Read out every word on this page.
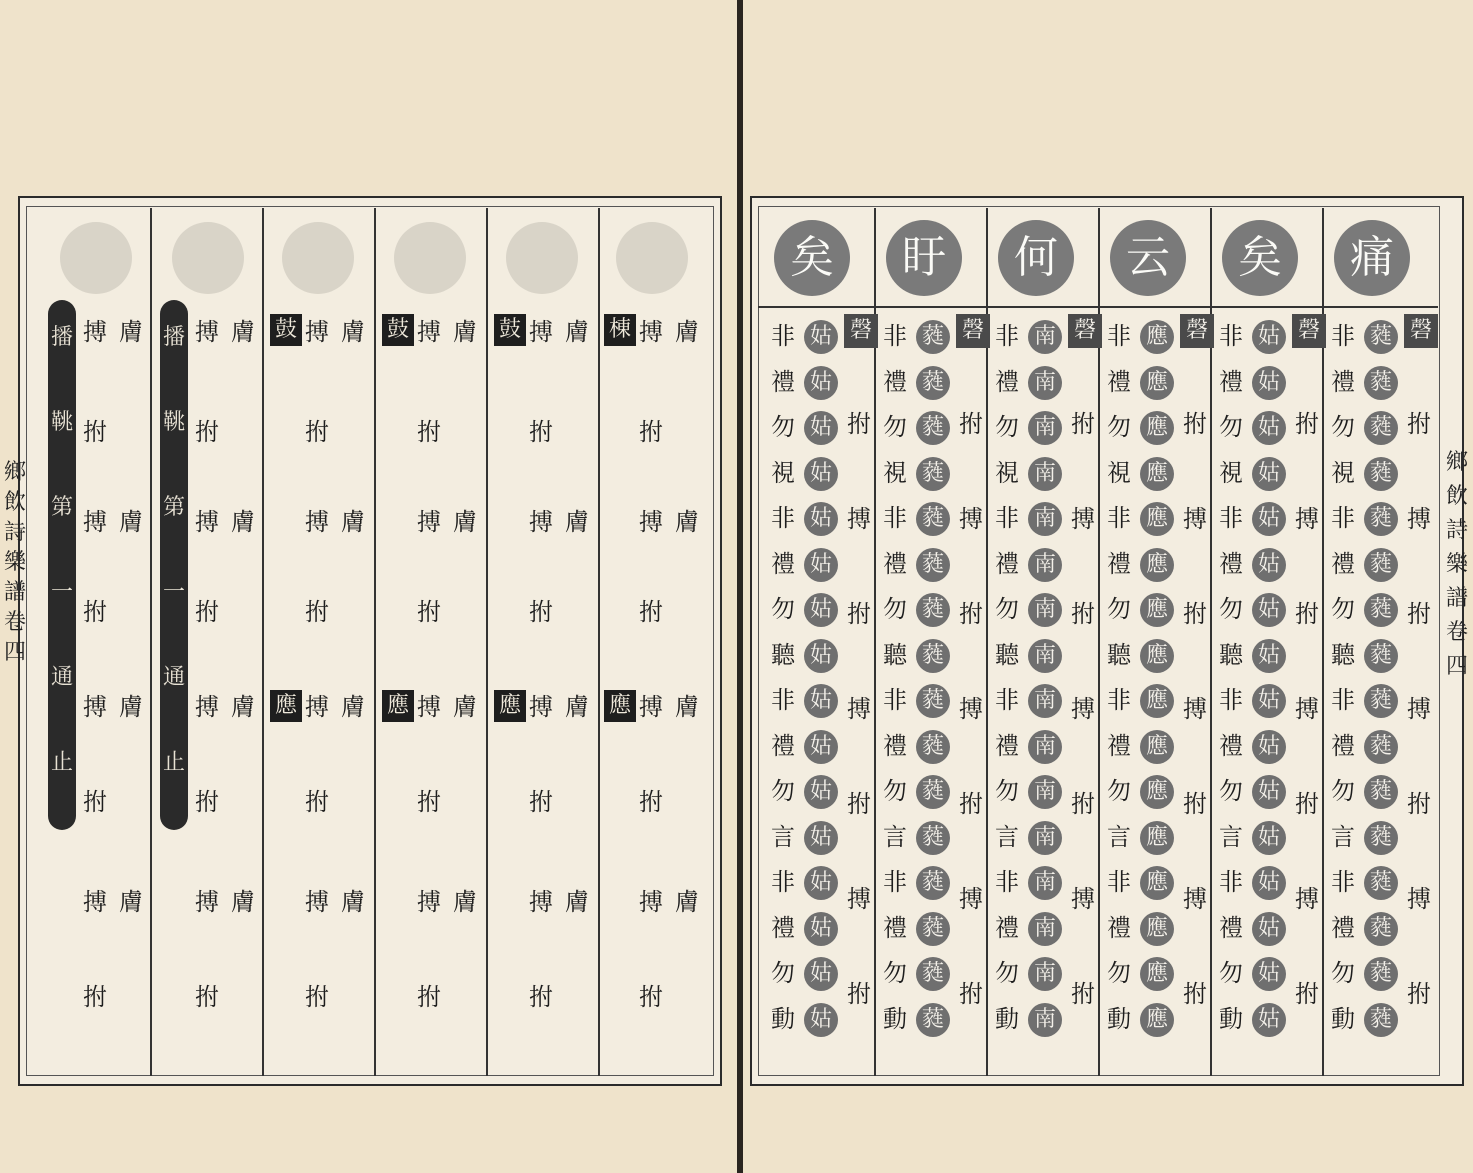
播
鞉
第
一
通
止
播
鞉
第
一
通
止
搏 膚
拊
搏 膚
拊
搏 膚
拊
搏 膚
拊
搏 膚
拊
搏 膚
拊
搏 膚
拊
搏 膚
拊
搏 膚
拊
搏 膚
拊
搏 膚
拊
搏 膚
拊
鼓
應
搏 膚
拊
搏 膚
拊
搏 膚
拊
搏 膚
拊
鼓
應
搏 膚
拊
搏 膚
拊
搏 膚
拊
搏 膚
拊
鼓
應
搏 膚
拊
搏 膚
拊
搏 膚
拊
搏 膚
拊
棟
應
矣
磬
非 姑
禮 姑
勿 姑
視 姑
非 姑
禮 姑
勿 姑
聽 姑
非 姑
禮 姑
勿 姑
言 姑
非 姑
禮 姑
勿 姑
動 姑
拊
搏
拊
搏
拊
搏
拊
盱
磬
非 蕤
禮 蕤
勿 蕤
視 蕤
非 蕤
禮 蕤
勿 蕤
聽 蕤
非 蕤
禮 蕤
勿 蕤
言 蕤
非 蕤
禮 蕤
勿 蕤
動 蕤
拊
搏
拊
搏
拊
搏
拊
何
磬
非 南
禮 南
勿 南
視 南
非 南
禮 南
勿 南
聽 南
非 南
禮 南
勿 南
言 南
非 南
禮 南
勿 南
動 南
拊
搏
拊
搏
拊
搏
拊
云
磬
非 應
禮 應
勿 應
視 應
非 應
禮 應
勿 應
聽 應
非 應
禮 應
勿 應
言 應
非 應
禮 應
勿 應
動 應
拊
搏
拊
搏
拊
搏
拊
矣
磬
非 姑
禮 姑
勿 姑
視 姑
非 姑
禮 姑
勿 姑
聽 姑
非 姑
禮 姑
勿 姑
言 姑
非 姑
禮 姑
勿 姑
動 姑
拊
搏
拊
搏
拊
搏
拊
痛
磬
非 蕤
禮 蕤
勿 蕤
視 蕤
非 蕤
禮 蕤
勿 蕤
聽 蕤
非 蕤
禮 蕤
勿 蕤
言 蕤
非 蕤
禮 蕤
勿 蕤
動 蕤
拊
搏
拊
搏
拊
搏
拊
鄉
飲
詩
樂
譜
卷
四
鄉
飲
詩
樂
譜
卷
四
